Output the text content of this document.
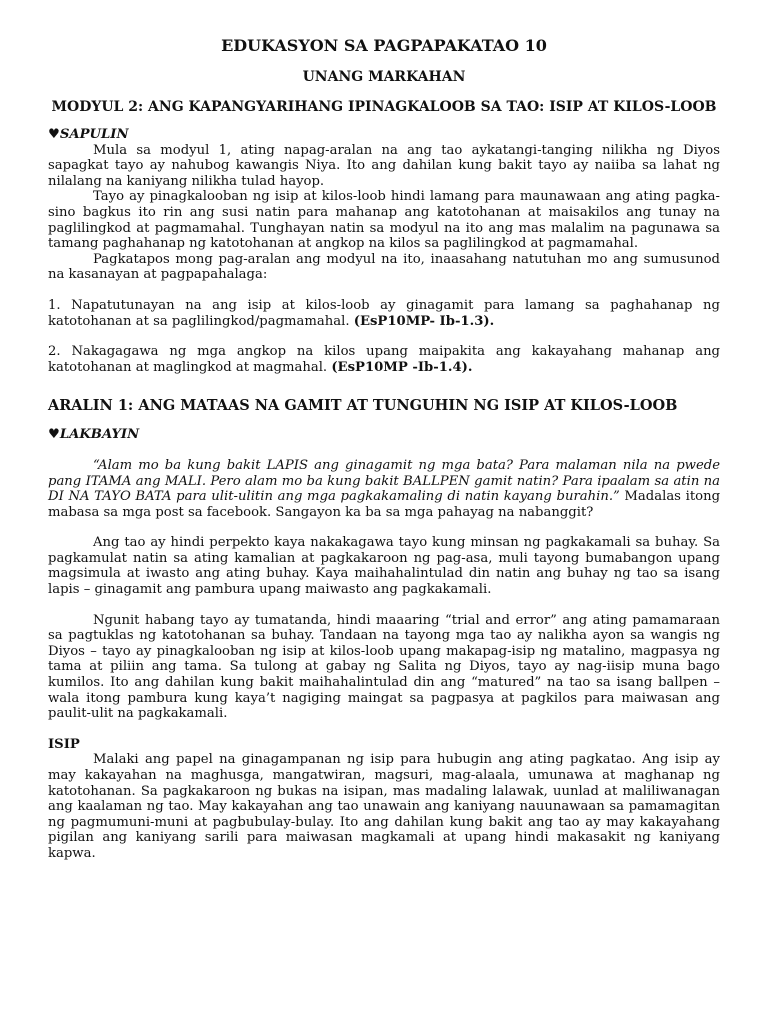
EDUKASYON SA PAGPAPAKATAO 10
UNANG MARKAHAN
MODYUL 2: ANG KAPANGYARIHANG IPINAGKALOOB SA TAO: ISIP AT KILOS-LOOB
♥SAPULIN

Mula sa modyul 1, ating napag-aralan na ang tao aykatangi-tanging nilikha ng Diyos sapagkat tayo ay nahubog kawangis Niya. Ito ang dahilan kung bakit tayo ay naiiba sa lahat ng nilalang na kaniyang nilikha tulad hayop.

Tayo ay pinagkalooban ng isip at kilos-loob hindi lamang para maunawaan ang ating pagka-sino bagkus ito rin ang susi natin para mahanap ang katotohanan at maisakilos ang tunay na paglilingkod at pagmamahal. Tunghayan natin sa modyul na ito ang mas malalim na pagunawa sa tamang paghahanap ng katotohanan at angkop na kilos sa paglilingkod at pagmamahal.

Pagkatapos mong pag-aralan ang modyul na ito, inaasahang natutuhan mo ang sumusunod na kasanayan at pagpapahalaga:

1. Napatutunayan na ang isip at kilos-loob ay ginagamit para lamang sa paghahanap ng katotohanan at sa paglilingkod/pagmamahal. (EsP10MP- Ib-1.3).

2. Nakagagawa ng mga angkop na kilos upang maipakita ang kakayahang mahanap ang katotohanan at maglingkod at magmahal. (EsP10MP -Ib-1.4).

ARALIN 1: ANG MATAAS NA GAMIT AT TUNGUHIN NG ISIP AT KILOS-LOOB
♥LAKBAYIN

“Alam mo ba kung bakit LAPIS ang ginagamit ng mga bata? Para malaman nila na pwede pang ITAMA ang MALI. Pero alam mo ba kung bakit BALLPEN gamit natin? Para ipaalam sa atin na DI NA TAYO BATA para ulit-ulitin ang mga pagkakamaling di natin kayang burahin.” Madalas itong mabasa sa mga post sa facebook. Sangayon ka ba sa mga pahayag na nabanggit?

Ang tao ay hindi perpekto kaya nakakagawa tayo kung minsan ng pagkakamali sa buhay. Sa pagkamulat natin sa ating kamalian at pagkakaroon ng pag-asa, muli tayong bumabangon upang magsimula at iwasto ang ating buhay. Kaya maihahalintulad din natin ang buhay ng tao sa isang lapis – ginagamit ang pambura upang maiwasto ang pagkakamali.

Ngunit habang tayo ay tumatanda, hindi maaaring “trial and error” ang ating pamamaraan sa pagtuklas ng katotohanan sa buhay. Tandaan na tayong mga tao ay nalikha ayon sa wangis ng Diyos – tayo ay pinagkalooban ng isip at kilos-loob upang makapag-isip ng matalino, magpasya ng tama at piliin ang tama. Sa tulong at gabay ng Salita ng Diyos, tayo ay nag-iisip muna bago kumilos. Ito ang dahilan kung bakit maihahalintulad din ang “matured” na tao sa isang ballpen – wala itong pambura kung kaya’t nagiging maingat sa pagpasya at pagkilos para maiwasan ang paulit-ulit na pagkakamali.

ISIP

Malaki ang papel na ginagampanan ng isip para hubugin ang ating pagkatao. Ang isip ay may kakayahan na maghusga, mangatwiran, magsuri, mag-alaala, umunawa at maghanap ng katotohanan. Sa pagkakaroon ng bukas na isipan, mas madaling lalawak, uunlad at maliliwanagan ang kaalaman ng tao. May kakayahan ang tao unawain ang kaniyang nauunawaan sa pamamagitan ng pagmumuni-muni at pagbubulay-bulay. Ito ang dahilan kung bakit ang tao ay may kakayahang pigilan ang kaniyang sarili para maiwasan magkamali at upang hindi makasakit ng kaniyang kapwa.
